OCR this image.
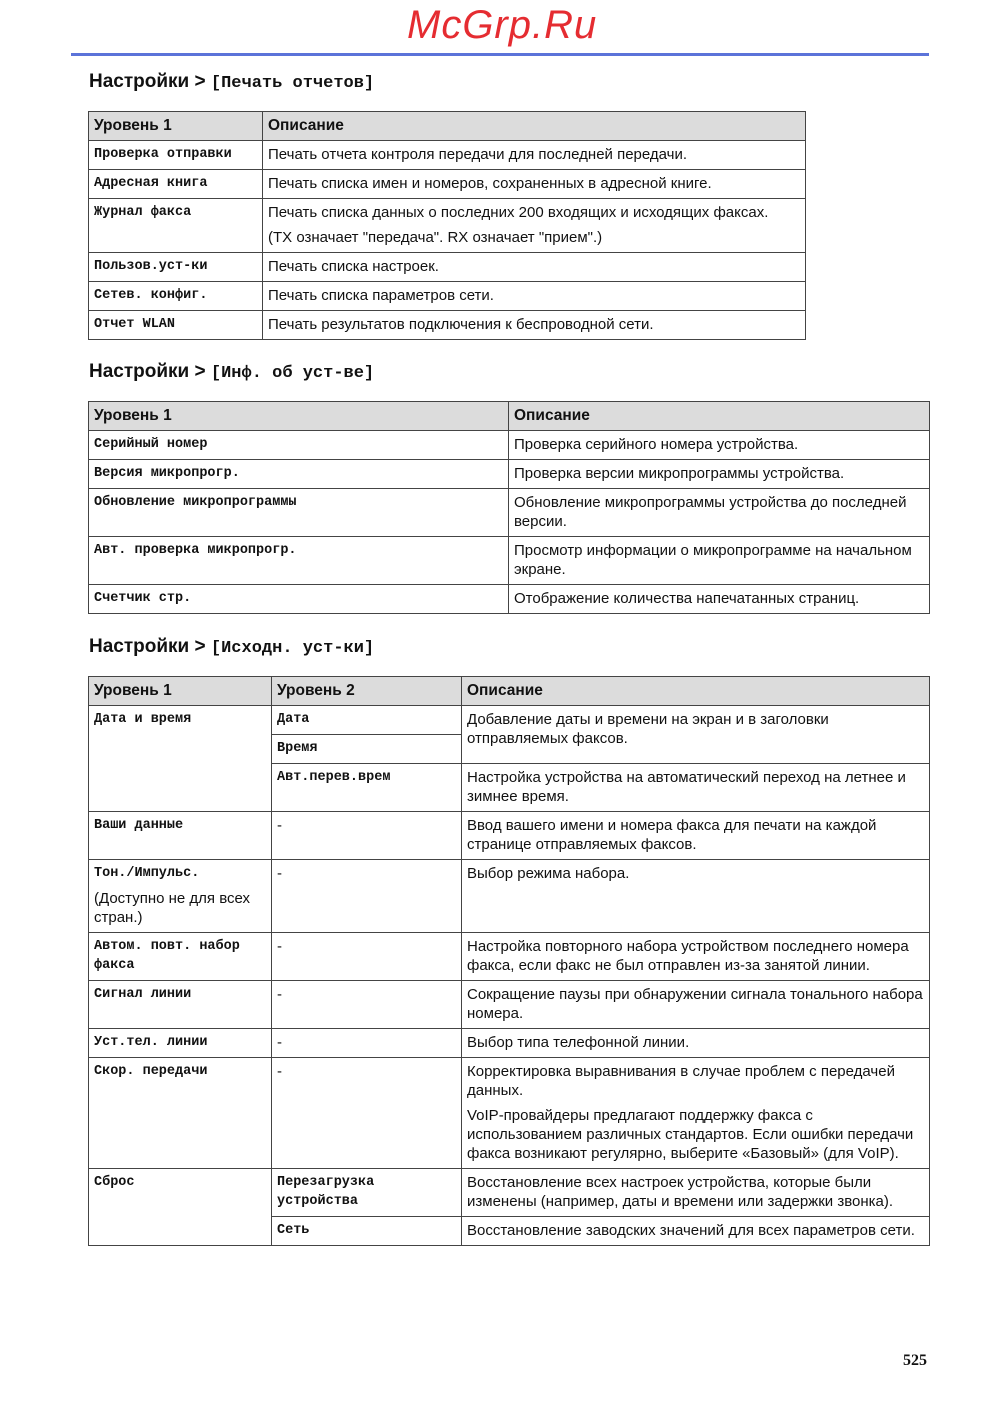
Настройки > [Печать отчетов]
Уровень 1	Описание
Проверка отправки	Печать отчета контроля передачи для последней передачи.
Адресная книга	Печать списка имен и номеров, сохраненных в адресной книге.
Журнал факса	Печать списка данных о последних 200 входящих и исходящих факсах.
(TX означает "передача". RX означает "прием".)

Пользов.уст-ки	Печать списка настроек.
Сетев. конфиг.	Печать списка параметров сети.
Отчет WLAN	Печать результатов подключения к беспроводной сети.
Настройки > [Инф. об уст-ве]
Уровень 1	Описание
Серийный номер	Проверка серийного номера устройства.
Версия микропрогр.	Проверка версии микропрограммы устройства.
Обновление микропрограммы	Обновление микропрограммы устройства до последней версии.
Авт. проверка микропрогр.	Просмотр информации о микропрограмме на начальном экране.
Счетчик стр.	Отображение количества напечатанных страниц.
Настройки > [Исходн. уст-ки]
Уровень 1	Уровень 2	Описание
Дата и время	Дата	Добавление даты и времени на экран и в заголовки отправляемых факсов.
	Время	
	Авт.перев.врем	Настройка устройства на автоматический переход на летнее и зимнее время.
Ваши данные	-	Ввод вашего имени и номера факса для печати на каждой странице отправляемых факсов.

Тон./Импульс.
(Доступно не для всех стран.)	-	Выбор режима набора.
Автом. повт. набор факса	-	Настройка повторного набора устройством последнего номера факса, если факс не был отправлен из-за занятой линии.
Сигнал линии	-	Сокращение паузы при обнаружении сигнала тонального набора номера.
Уст.тел. линии	-	Выбор типа телефонной линии.
Скор. передачи	-	Корректировка выравнивания в случае проблем с передачей данных.
VoIP-провайдеры предлагают поддержку факса с использованием различных стандартов. Если ошибки передачи факса возникают регулярно, выберите «Базовый» (для VoIP).

Сброс	Перезагрузка устройства	Восстановление всех настроек устройства, которые были изменены (например, даты и времени или задержки звонка).
	Сеть	Восстановление заводских значений для всех параметров сети.
McGrp.Ru
525
